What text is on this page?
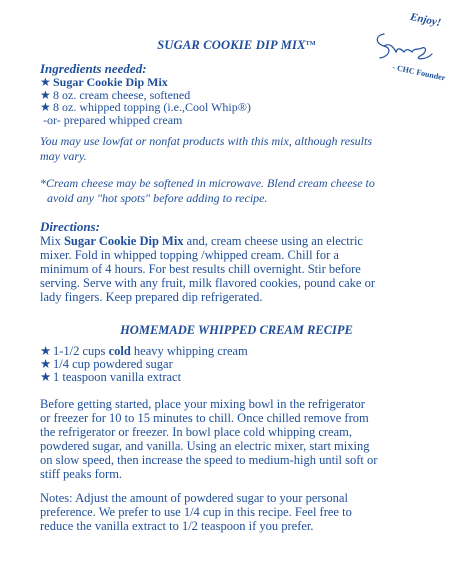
Enjoy!
- CHC Founder
SUGAR COOKIE DIP MIX™
Ingredients needed:
★ Sugar Cookie Dip Mix
★ 8 oz. cream cheese, softened
★ 8 oz. whipped topping (i.e.,Cool Whip®)
-or- prepared whipped cream
You may use lowfat or nonfat products with this mix, although results
may vary.
*Cream cheese may be softened in microwave. Blend cream cheese to
avoid any "hot spots" before adding to recipe.
Directions:
Mix Sugar Cookie Dip Mix and, cream cheese using an electric
mixer. Fold in whipped topping /whipped cream. Chill for a
minimum of 4 hours. For best results chill overnight. Stir before
serving. Serve with any fruit, milk flavored cookies, pound cake or
lady fingers. Keep prepared dip refrigerated.
HOMEMADE WHIPPED CREAM RECIPE
★ 1-1/2 cups cold heavy whipping cream
★ 1/4 cup powdered sugar
★ 1 teaspoon vanilla extract
Before getting started, place your mixing bowl in the refrigerator
or freezer for 10 to 15 minutes to chill. Once chilled remove from
the refrigerator or freezer. In bowl place cold whipping cream,
powdered sugar, and vanilla. Using an electric mixer, start mixing
on slow speed, then increase the speed to medium-high until soft or
stiff peaks form.
Notes: Adjust the amount of powdered sugar to your personal
preference. We prefer to use 1/4 cup in this recipe. Feel free to
reduce the vanilla extract to 1/2 teaspoon if you prefer.
